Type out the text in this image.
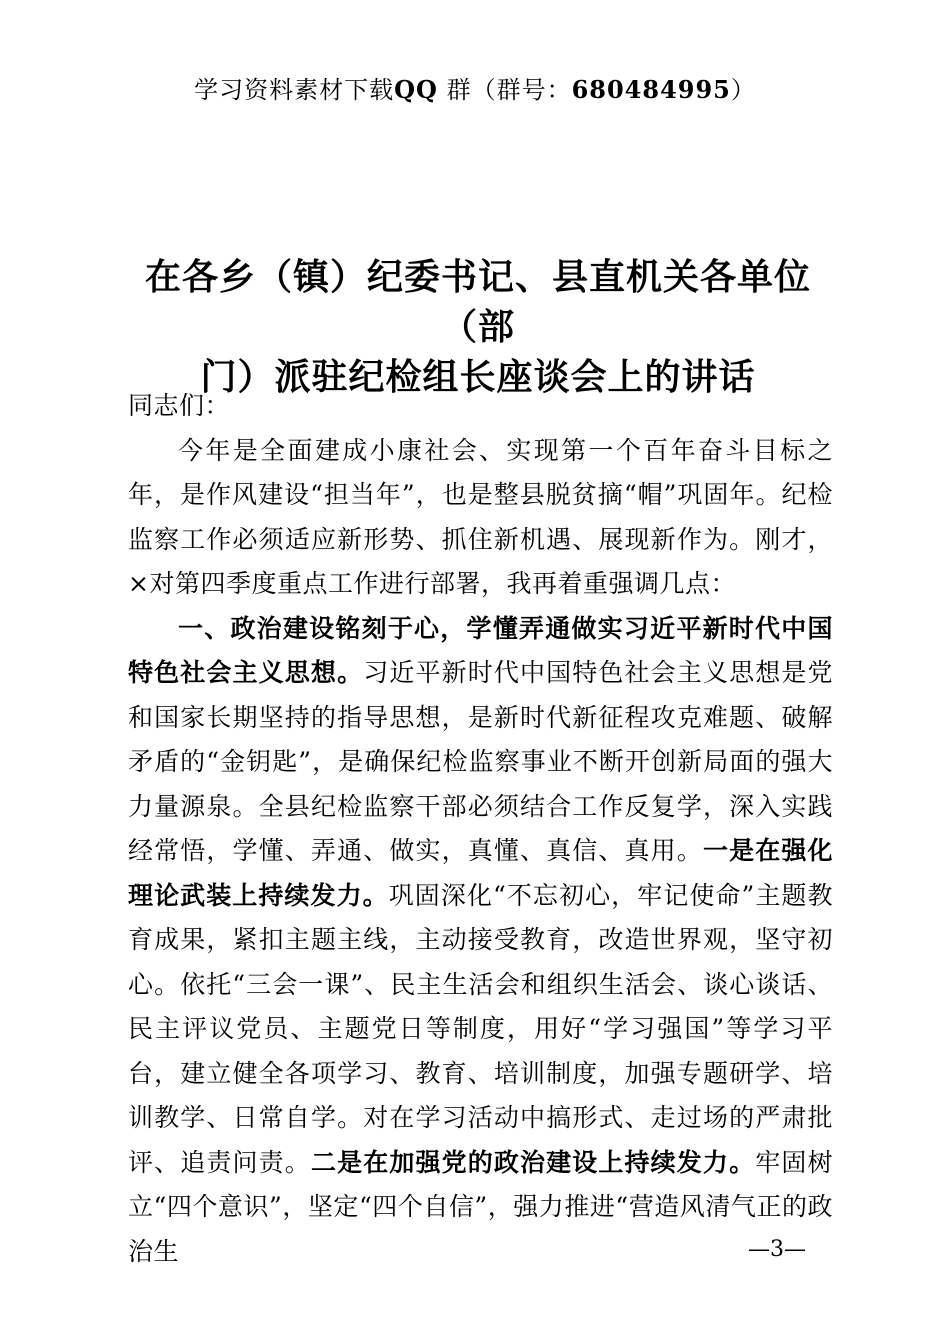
学习资料素材下载QQ 群（群号：680484995）
在各乡（镇）纪委书记、县直机关各单位（部
门）派驻纪检组长座谈会上的讲话

同志们：

今年是全面建成小康社会、实现第一个百年奋斗目标之年，是作风建设“担当年”，也是整县脱贫摘“帽”巩固年。纪检监察工作必须适应新形势、抓住新机遇、展现新作为。刚才，×对第四季度重点工作进行部署，我再着重强调几点：

一、政治建设铭刻于心，学懂弄通做实习近平新时代中国特色社会主义思想。习近平新时代中国特色社会主义思想是党和国家长期坚持的指导思想，是新时代新征程攻克难题、破解矛盾的“金钥匙”，是确保纪检监察事业不断开创新局面的强大力量源泉。全县纪检监察干部必须结合工作反复学，深入实践经常悟，学懂、弄通、做实，真懂、真信、真用。一是在强化理论武装上持续发力。巩固深化“不忘初心，牢记使命”主题教育成果，紧扣主题主线，主动接受教育，改造世界观，坚守初心。依托“三会一课”、民主生活会和组织生活会、谈心谈话、民主评议党员、主题党日等制度，用好“学习强国”等学习平台，建立健全各项学习、教育、培训制度，加强专题研学、培训教学、日常自学。对在学习活动中搞形式、走过场的严肃批评、追责问责。二是在加强党的政治建设上持续发力。牢固树立“四个意识”，坚定“四个自信”，强力推进“营造风清气正的政治生	—3—
